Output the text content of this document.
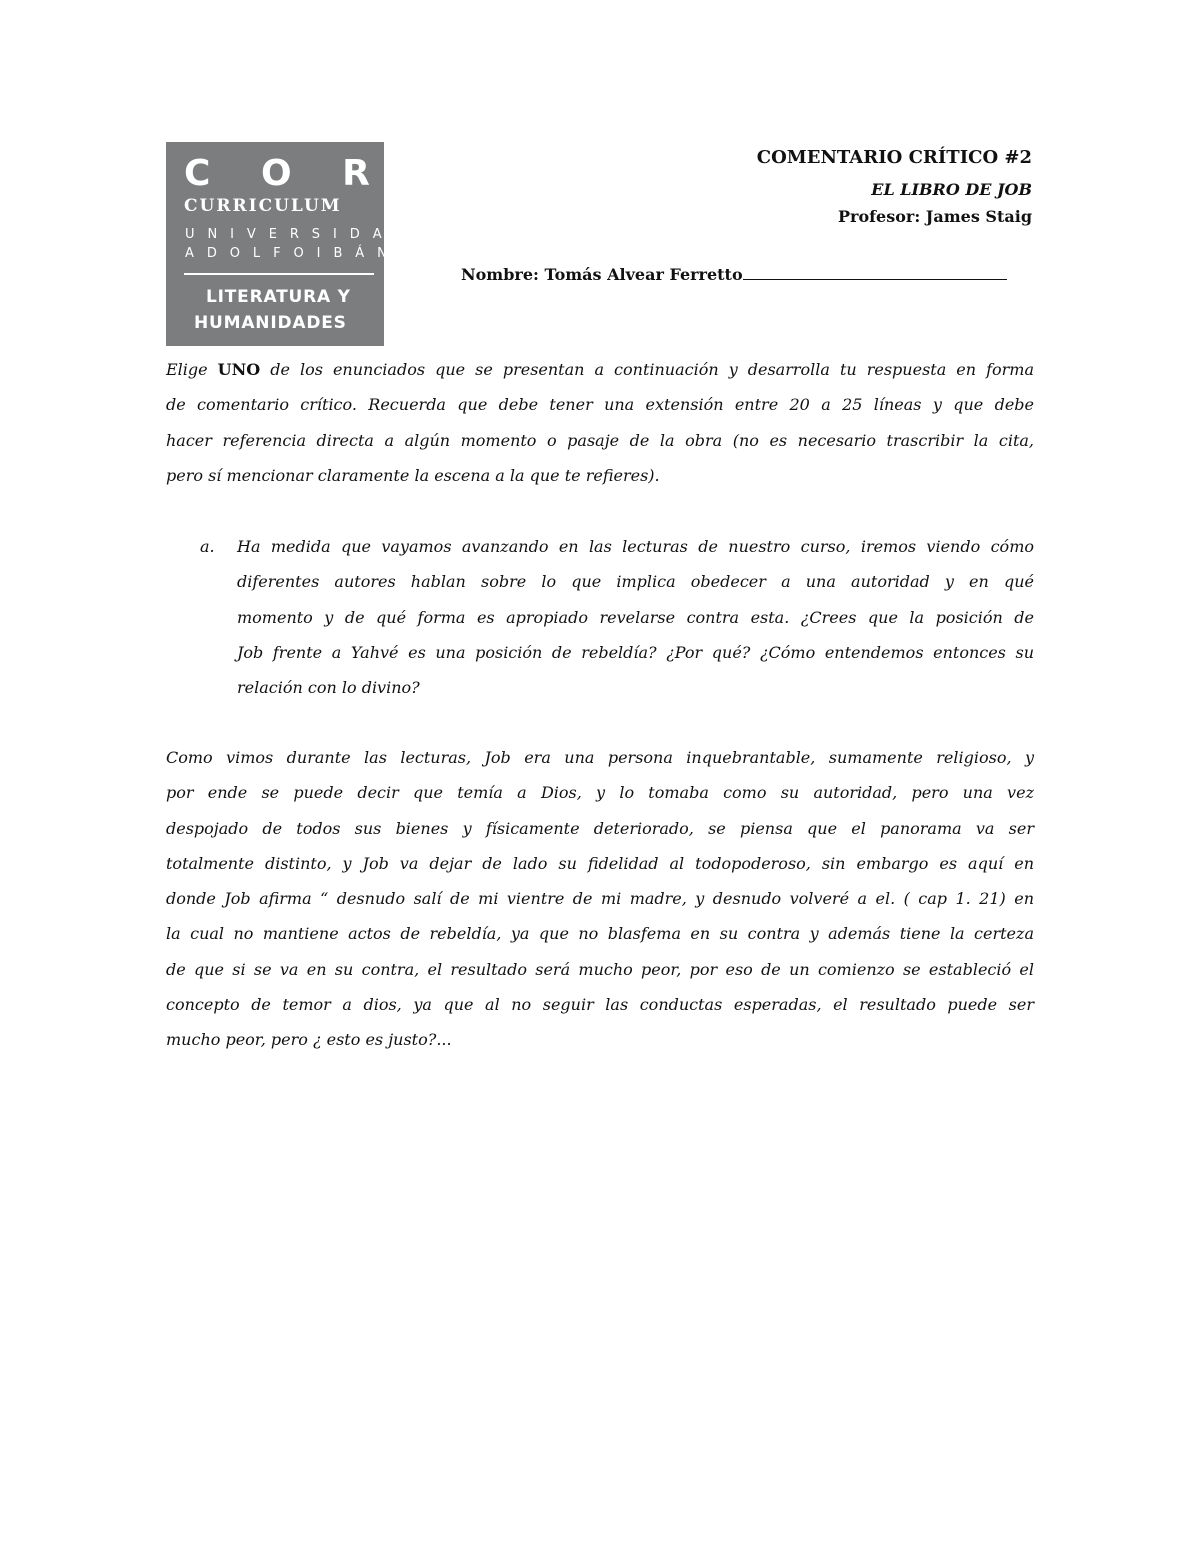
C O R E
CURRICULUM
U N I V E R S I D A D
A D O L F O I B Á N E Z
LITERATURA Y
HUMANIDADES
COMENTARIO CRÍTICO #2
EL LIBRO DE JOB
Profesor: James Staig
Nombre: Tomás Alvear Ferretto
Elige UNO de los enunciados que se presentan a continuación y desarrolla tu respuesta en forma
de comentario crítico. Recuerda que debe tener una extensión entre 20 a 25 líneas y que debe
hacer referencia directa a algún momento o pasaje de la obra (no es necesario trascribir la cita,
pero sí mencionar claramente la escena a la que te refieres).
a. Ha medida que vayamos avanzando en las lecturas de nuestro curso, iremos viendo cómo
diferentes autores hablan sobre lo que implica obedecer a una autoridad y en qué
momento y de qué forma es apropiado revelarse contra esta. ¿Crees que la posición de
Job frente a Yahvé es una posición de rebeldía? ¿Por qué? ¿Cómo entendemos entonces su
relación con lo divino?
Como vimos durante las lecturas, Job era una persona inquebrantable, sumamente religioso, y
por ende se puede decir que temía a Dios, y lo tomaba como su autoridad, pero una vez
despojado de todos sus bienes y físicamente deteriorado, se piensa que el panorama va ser
totalmente distinto, y Job va dejar de lado su fidelidad al todopoderoso, sin embargo es aquí en
donde Job afirma “ desnudo salí de mi vientre de mi madre, y desnudo volveré a el. ( cap 1. 21) en
la cual no mantiene actos de rebeldía, ya que no blasfema en su contra y además tiene la certeza
de que si se va en su contra, el resultado será mucho peor, por eso de un comienzo se estableció el
concepto de temor a dios, ya que al no seguir las conductas esperadas, el resultado puede ser
mucho peor, pero ¿ esto es justo?...
